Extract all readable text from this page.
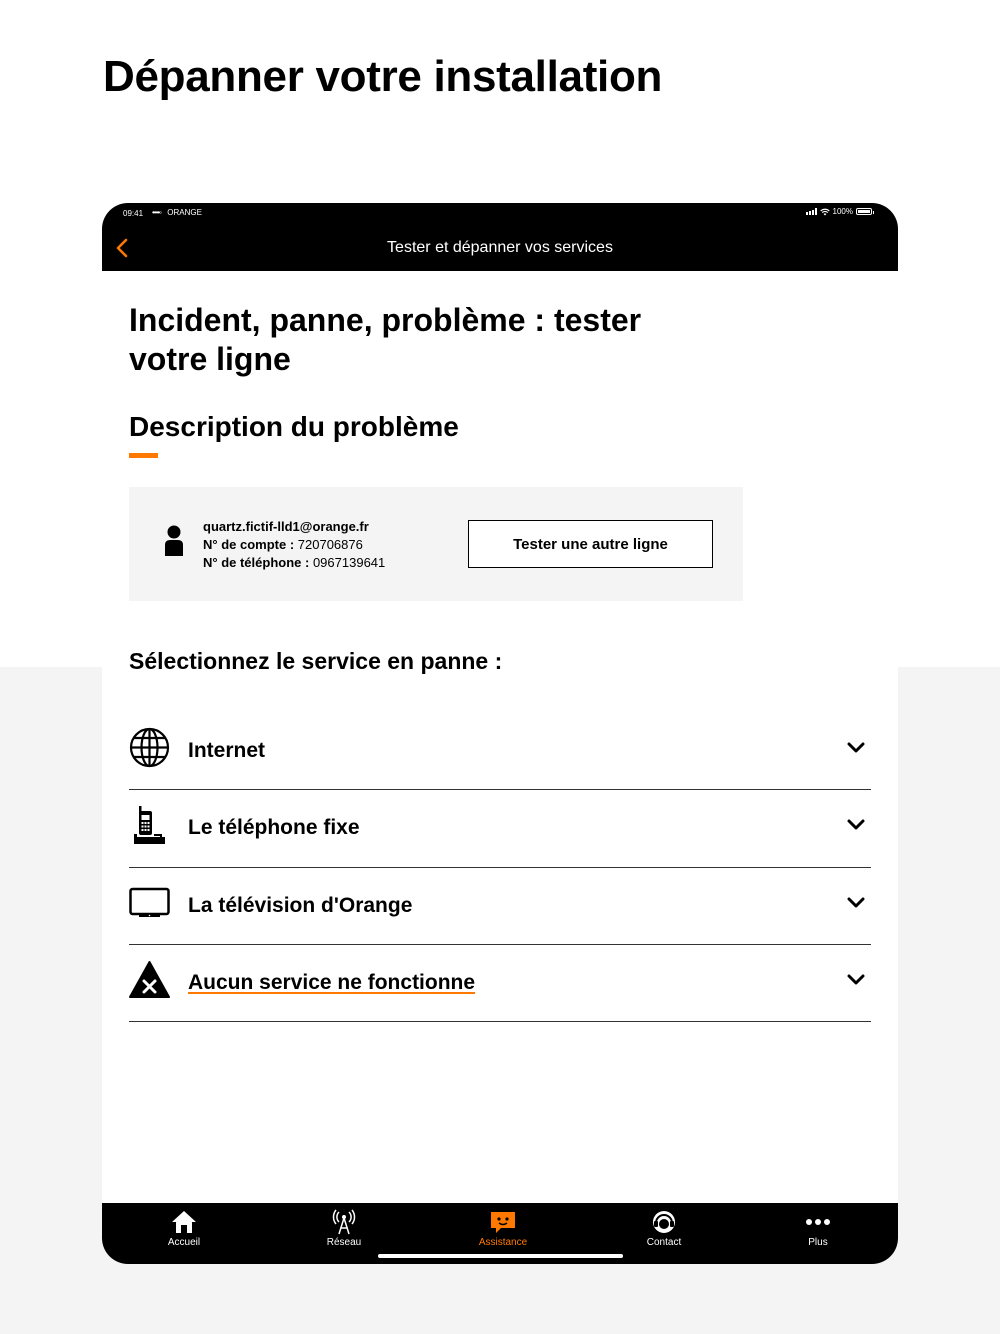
Dépanner votre installation
09:41 ••••◦ ORANGE	100%
Tester et dépanner vos services
Incident, panne, problème : tester votre ligne
Description du problème
quartz.fictif-lld1@orange.fr
N° de compte : 720706876
N° de téléphone : 0967139641
Tester une autre ligne
Sélectionnez le service en panne :
Internet
Le téléphone fixe
La télévision d'Orange
Aucun service ne fonctionne
Accueil	Réseau	Assistance	Contact	Plus
